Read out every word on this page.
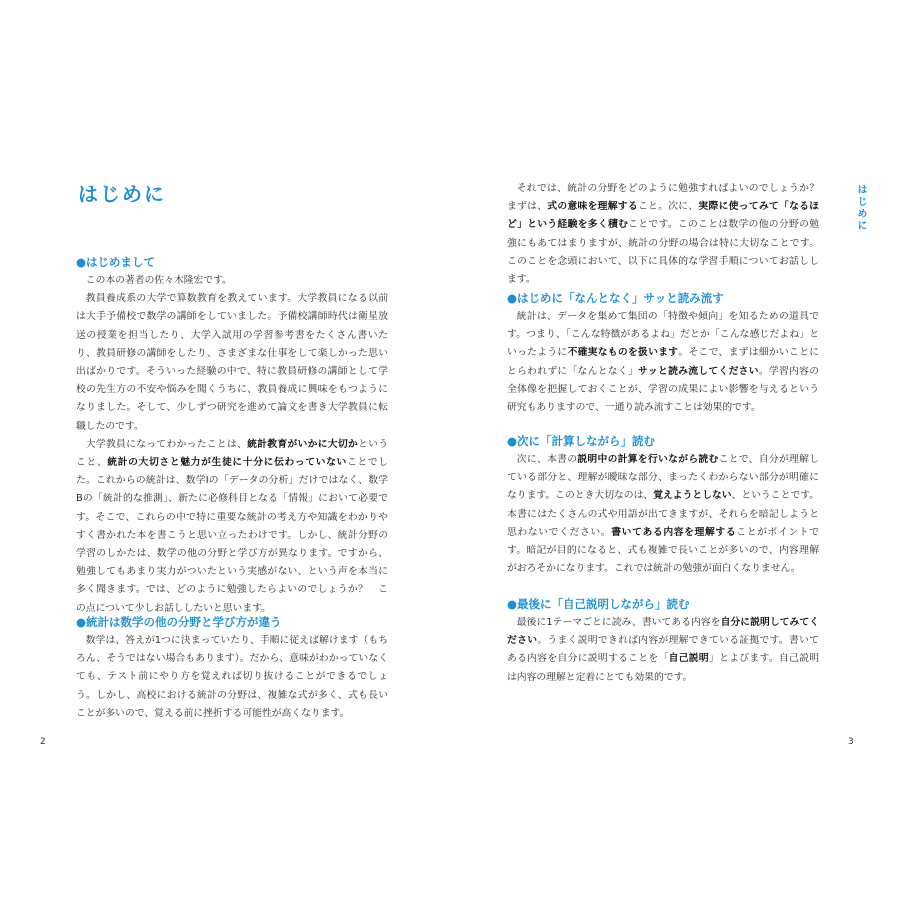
はじめに
●はじめまして

この本の著者の佐々木隆宏です。

教員養成系の大学で算数教育を教えています。大学教員になる以前は大手予備校で数学の講師をしていました。予備校講師時代は衛星放送の授業を担当したり、大学入試用の学習参考書をたくさん書いたり、教員研修の講師をしたり、さまざまな仕事をして楽しかった思い出ばかりです。そういった経験の中で、特に教員研修の講師として学校の先生方の不安や悩みを聞くうちに、教員養成に興味をもつようになりました。そして、少しずつ研究を進めて論文を書き大学教員に転職したのです。

大学教員になってわかったことは、統計教育がいかに大切かということ、統計の大切さと魅力が生徒に十分に伝わっていないことでした。これからの統計は、数学Ⅰの「データの分析」だけではなく、数学Bの「統計的な推測」、新たに必修科目となる「情報」において必要です。そこで、これらの中で特に重要な統計の考え方や知識をわかりやすく書かれた本を書こうと思い立ったわけです。しかし、統計分野の学習のしかたは、数学の他の分野と学び方が異なります。ですから、勉強してもあまり実力がついたという実感がない、という声を本当に多く聞きます。では、どのように勉強したらよいのでしょうか？　この点について少しお話ししたいと思います。

●統計は数学の他の分野と学び方が違う

数学は、答えが1つに決まっていたり、手順に従えば解けます（もちろん、そうではない場合もあります）。だから、意味がわかっていなくても、テスト前にやり方を覚えれば切り抜けることができるでしょう。しかし、高校における統計の分野は、複雑な式が多く、式も長いことが多いので、覚える前に挫折する可能性が高くなります。

2

それでは、統計の分野をどのように勉強すればよいのでしょうか？まずは、式の意味を理解すること。次に、実際に使ってみて「なるほど」という経験を多く積むことです。このことは数学の他の分野の勉強にもあてはまりますが、統計の分野の場合は特に大切なことです。このことを念頭において、以下に具体的な学習手順についてお話しします。

●はじめに「なんとなく」サッと読み流す

統計は、データを集めて集団の「特徴や傾向」を知るための道具です。つまり、「こんな特徴があるよね」だとか「こんな感じだよね」といったように不確実なものを扱います。そこで、まずは細かいことにとらわれずに「なんとなく」サッと読み流してください。学習内容の全体像を把握しておくことが、学習の成果によい影響を与えるという研究もありますので、一通り読み流すことは効果的です。

●次に「計算しながら」読む

次に、本書の説明中の計算を行いながら読むことで、自分が理解している部分と、理解が曖昧な部分、まったくわからない部分が明確になります。このとき大切なのは、覚えようとしない、ということです。本書にはたくさんの式や用語が出てきますが、それらを暗記しようと思わないでください。書いてある内容を理解することがポイントです。暗記が目的になると、式も複雑で長いことが多いので、内容理解がおろそかになります。これでは統計の勉強が面白くなりません。

●最後に「自己説明しながら」読む

最後に1テーマごとに読み、書いてある内容を自分に説明してみてください。うまく説明できれば内容が理解できている証拠です。書いてある内容を自分に説明することを「自己説明」とよびます。自己説明は内容の理解と定着にとても効果的です。

3
はじめに
